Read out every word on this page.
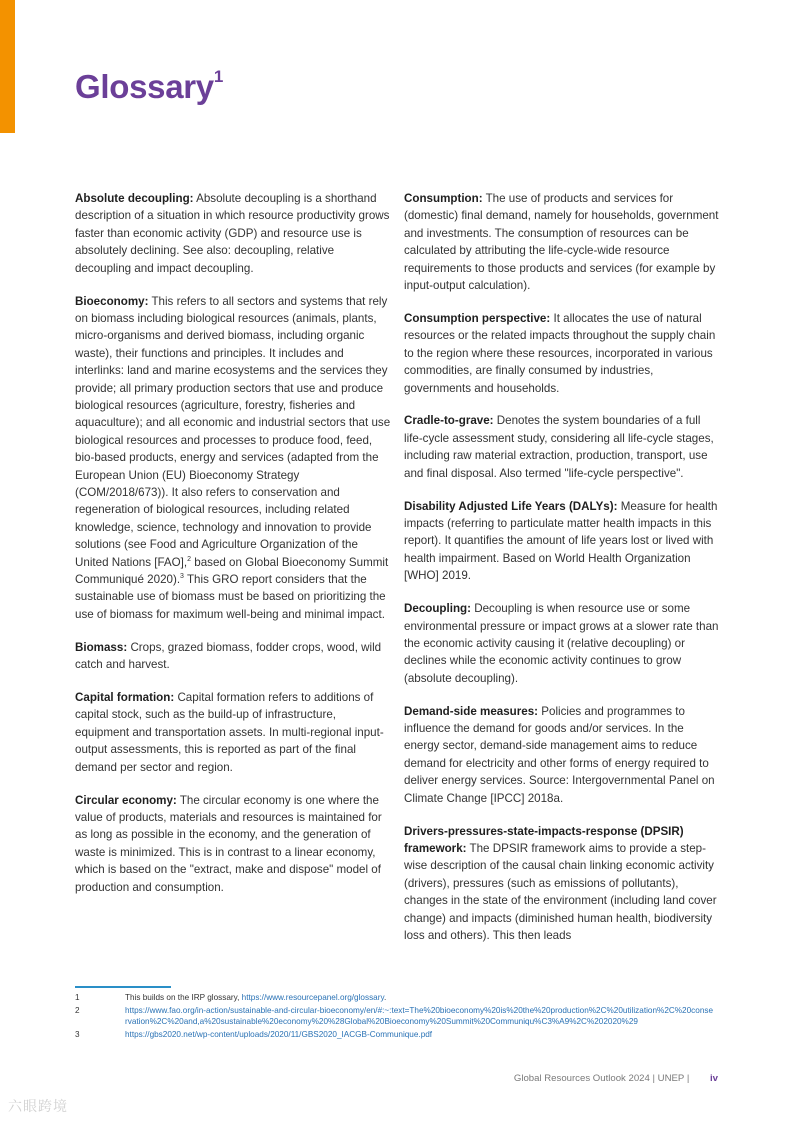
Glossary$^1$

Absolute decoupling: Absolute decoupling is a shorthand description of a situation in which resource productivity grows faster than economic activity (GDP) and resource use is absolutely declining. See also: decoupling, relative decoupling and impact decoupling.

Bioeconomy: This refers to all sectors and systems that rely on biomass including biological resources (animals, plants, micro-organisms and derived biomass, including organic waste), their functions and principles. It includes and interlinks: land and marine ecosystems and the services they provide; all primary production sectors that use and produce biological resources (agriculture, forestry, fisheries and aquaculture); and all economic and industrial sectors that use biological resources and processes to produce food, feed, bio-based products, energy and services (adapted from the European Union (EU) Bioeconomy Strategy (COM/2018/673)). It also refers to conservation and regeneration of biological resources, including related knowledge, science, technology and innovation to provide solutions (see Food and Agriculture Organization of the United Nations [FAO],$^2$ based on Global Bioeconomy Summit Communiqué 2020).$^3$ This GRO report considers that the sustainable use of biomass must be based on prioritizing the use of biomass for maximum well-being and minimal impact.

Biomass: Crops, grazed biomass, fodder crops, wood, wild catch and harvest.

Capital formation: Capital formation refers to additions of capital stock, such as the build-up of infrastructure, equipment and transportation assets. In multi-regional input-output assessments, this is reported as part of the final demand per sector and region.

Circular economy: The circular economy is one where the value of products, materials and resources is maintained for as long as possible in the economy, and the generation of waste is minimized. This is in contrast to a linear economy, which is based on the "extract, make and dispose" model of production and consumption.

Consumption: The use of products and services for (domestic) final demand, namely for households, government and investments. The consumption of resources can be calculated by attributing the life-cycle-wide resource requirements to those products and services (for example by input-output calculation).

Consumption perspective: It allocates the use of natural resources or the related impacts throughout the supply chain to the region where these resources, incorporated in various commodities, are finally consumed by industries, governments and households.

Cradle-to-grave: Denotes the system boundaries of a full life-cycle assessment study, considering all life-cycle stages, including raw material extraction, production, transport, use and final disposal. Also termed "life-cycle perspective".

Disability Adjusted Life Years (DALYs): Measure for health impacts (referring to particulate matter health impacts in this report). It quantifies the amount of life years lost or lived with health impairment. Based on World Health Organization [WHO] 2019.

Decoupling: Decoupling is when resource use or some environmental pressure or impact grows at a slower rate than the economic activity causing it (relative decoupling) or declines while the economic activity continues to grow (absolute decoupling).

Demand-side measures: Policies and programmes to influence the demand for goods and/or services. In the energy sector, demand-side management aims to reduce demand for electricity and other forms of energy required to deliver energy services. Source: Intergovernmental Panel on Climate Change [IPCC] 2018a.

Drivers-pressures-state-impacts-response (DPSIR) framework: The DPSIR framework aims to provide a step-wise description of the causal chain linking economic activity (drivers), pressures (such as emissions of pollutants), changes in the state of the environment (including land cover change) and impacts (diminished human health, biodiversity loss and others). This then leads

1	This builds on the IRP glossary, https://www.resourcepanel.org/glossary.
2	https://www.fao.org/in-action/sustainable-and-circular-bioeconomy/en/#:~:text=The%20bioeconomy%20is%20the%20production%2C%20utilization%2C%20conservation%2C%20and,a%20sustainable%20economy%20%28Global%20Bioeconomy%20Summit%20Communiqu%C3%A9%2C%202020%29
3	https://gbs2020.net/wp-content/uploads/2020/11/GBS2020_IACGB-Communique.pdf
Global Resources Outlook 2024 | UNEP | iv
六眼跨境
